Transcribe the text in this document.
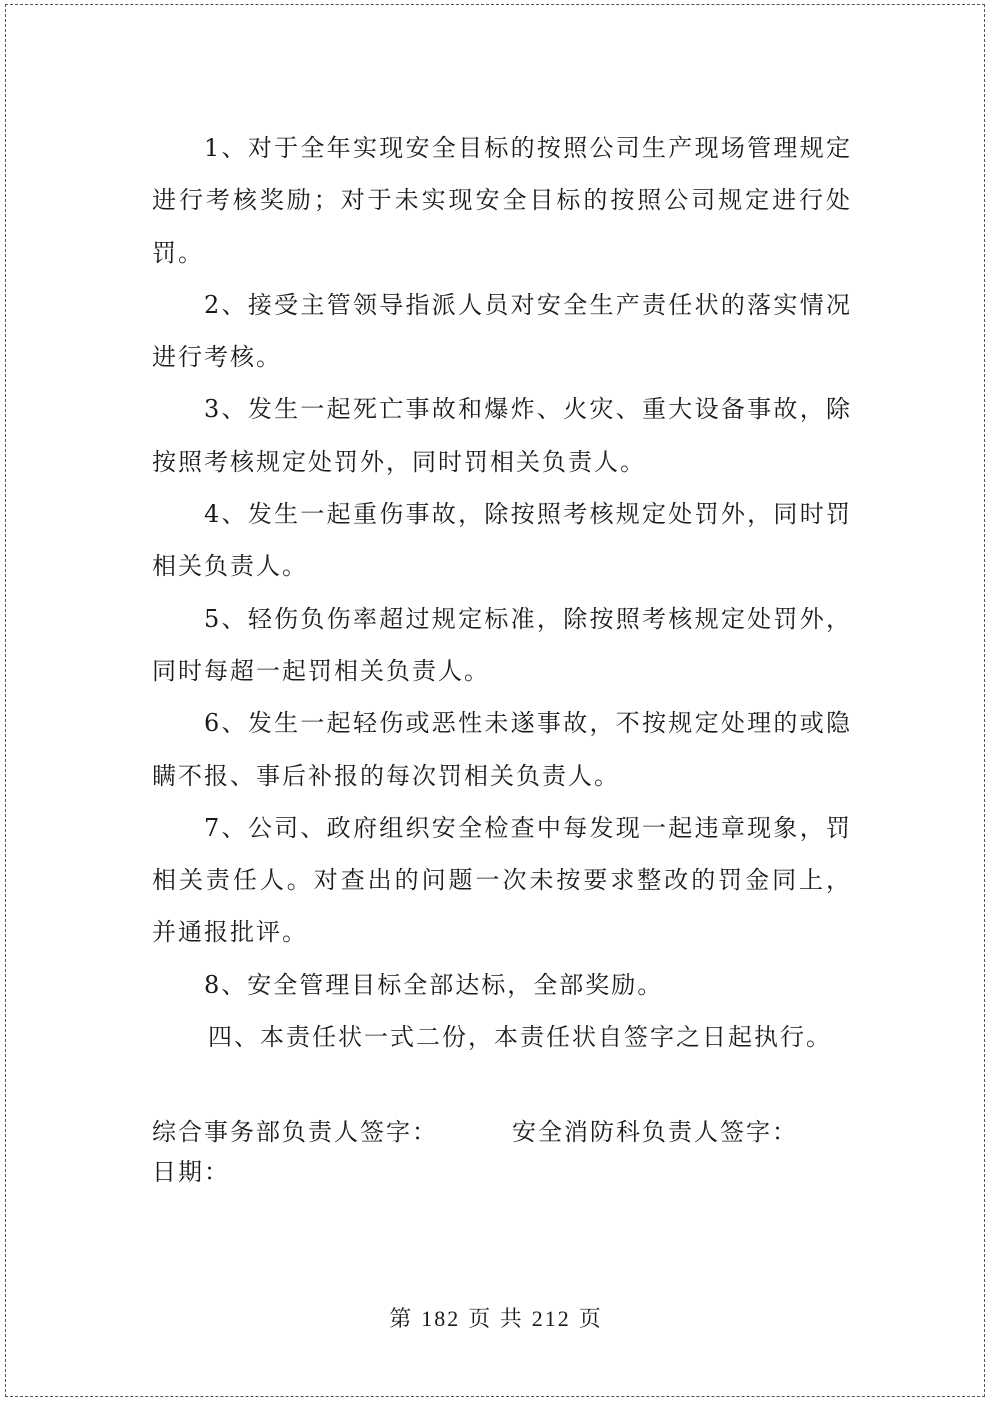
1、对于全年实现安全目标的按照公司生产现场管理规定进行考核奖励；对于未实现安全目标的按照公司规定进行处罚。

2、接受主管领导指派人员对安全生产责任状的落实情况进行考核。

3、发生一起死亡事故和爆炸、火灾、重大设备事故，除按照考核规定处罚外，同时罚相关负责人。

4、发生一起重伤事故，除按照考核规定处罚外，同时罚相关负责人。

5、轻伤负伤率超过规定标准，除按照考核规定处罚外，同时每超一起罚相关负责人。

6、发生一起轻伤或恶性未遂事故，不按规定处理的或隐瞒不报、事后补报的每次罚相关负责人。

7、公司、政府组织安全检查中每发现一起违章现象，罚相关责任人。对查出的问题一次未按要求整改的罚金同上，并通报批评。

8、安全管理目标全部达标，全部奖励。

四、本责任状一式二份，本责任状自签字之日起执行。

综合事务部负责人签字：	安全消防科负责人签字：
日期：
第 182 页 共 212 页
